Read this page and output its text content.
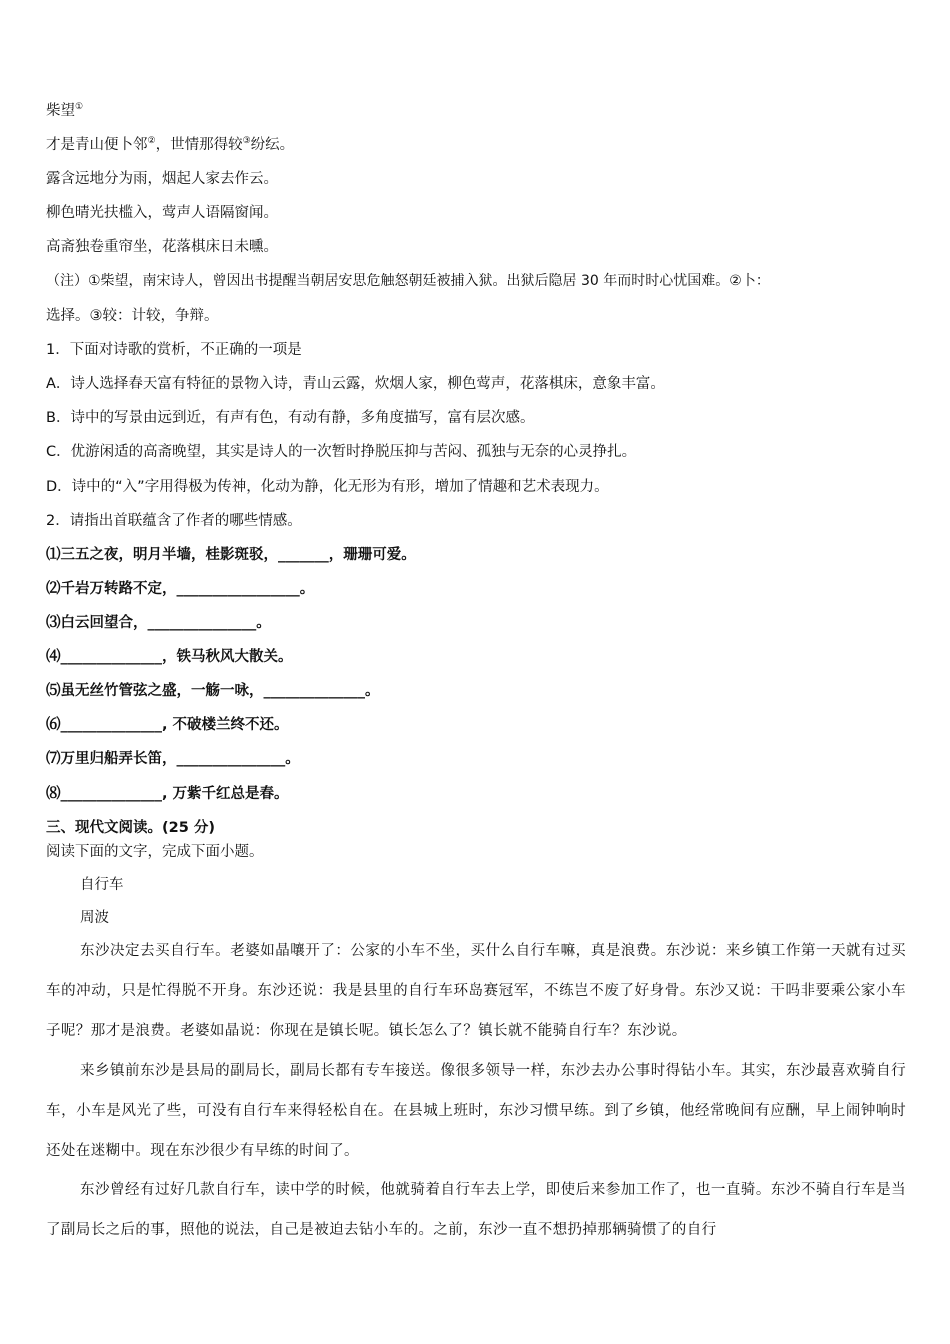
柴望①
才是青山便卜邻②，世情那得较③纷纭。
露含远地分为雨，烟起人家去作云。
柳色晴光扶槛入，莺声人语隔窗闻。
高斋独卷重帘坐，花落棋床日未曛。
（注）①柴望，南宋诗人，曾因出书提醒当朝居安思危触怒朝廷被捕入狱。出狱后隐居 30 年而时时心忧国难。②卜：
选择。③较：计较，争辩。
1．下面对诗歌的赏析，不正确的一项是
A．诗人选择春天富有特征的景物入诗，青山云露，炊烟人家，柳色莺声，花落棋床，意象丰富。
B．诗中的写景由远到近，有声有色，有动有静，多角度描写，富有层次感。
C．优游闲适的高斋晚望，其实是诗人的一次暂时挣脱压抑与苦闷、孤独与无奈的心灵挣扎。
D．诗中的“入”字用得极为传神，化动为静，化无形为有形，增加了情趣和艺术表现力。
2．请指出首联蕴含了作者的哪些情感。
⑴三五之夜，明月半墙，桂影斑驳，_______，珊珊可爱。
⑵千岩万转路不定，_________________。
⑶白云回望合，_______________。
⑷______________，铁马秋风大散关。
⑸虽无丝竹管弦之盛，一觞一咏，______________。
⑹______________, 不破楼兰终不还。
⑺万里归船弄长笛，_______________。
⑻______________, 万紫千红总是春。
三、现代文阅读。(25 分)
阅读下面的文字，完成下面小题。
自行车
周波
东沙决定去买自行车。老婆如晶嚷开了：公家的小车不坐，买什么自行车嘛，真是浪费。东沙说：来乡镇工作第一天就有过买车的冲动，只是忙得脱不开身。东沙还说：我是县里的自行车环岛赛冠军，不练岂不废了好身骨。东沙又说：干吗非要乘公家小车子呢？那才是浪费。老婆如晶说：你现在是镇长呢。镇长怎么了？镇长就不能骑自行车？东沙说。
来乡镇前东沙是县局的副局长，副局长都有专车接送。像很多领导一样，东沙去办公事时得钻小车。其实，东沙最喜欢骑自行车，小车是风光了些，可没有自行车来得轻松自在。在县城上班时，东沙习惯早练。到了乡镇，他经常晚间有应酬，早上闹钟响时还处在迷糊中。现在东沙很少有早练的时间了。
东沙曾经有过好几款自行车，读中学的时候，他就骑着自行车去上学，即使后来参加工作了，也一直骑。东沙不骑自行车是当了副局长之后的事，照他的说法，自己是被迫去钻小车的。之前，东沙一直不想扔掉那辆骑惯了的自行
